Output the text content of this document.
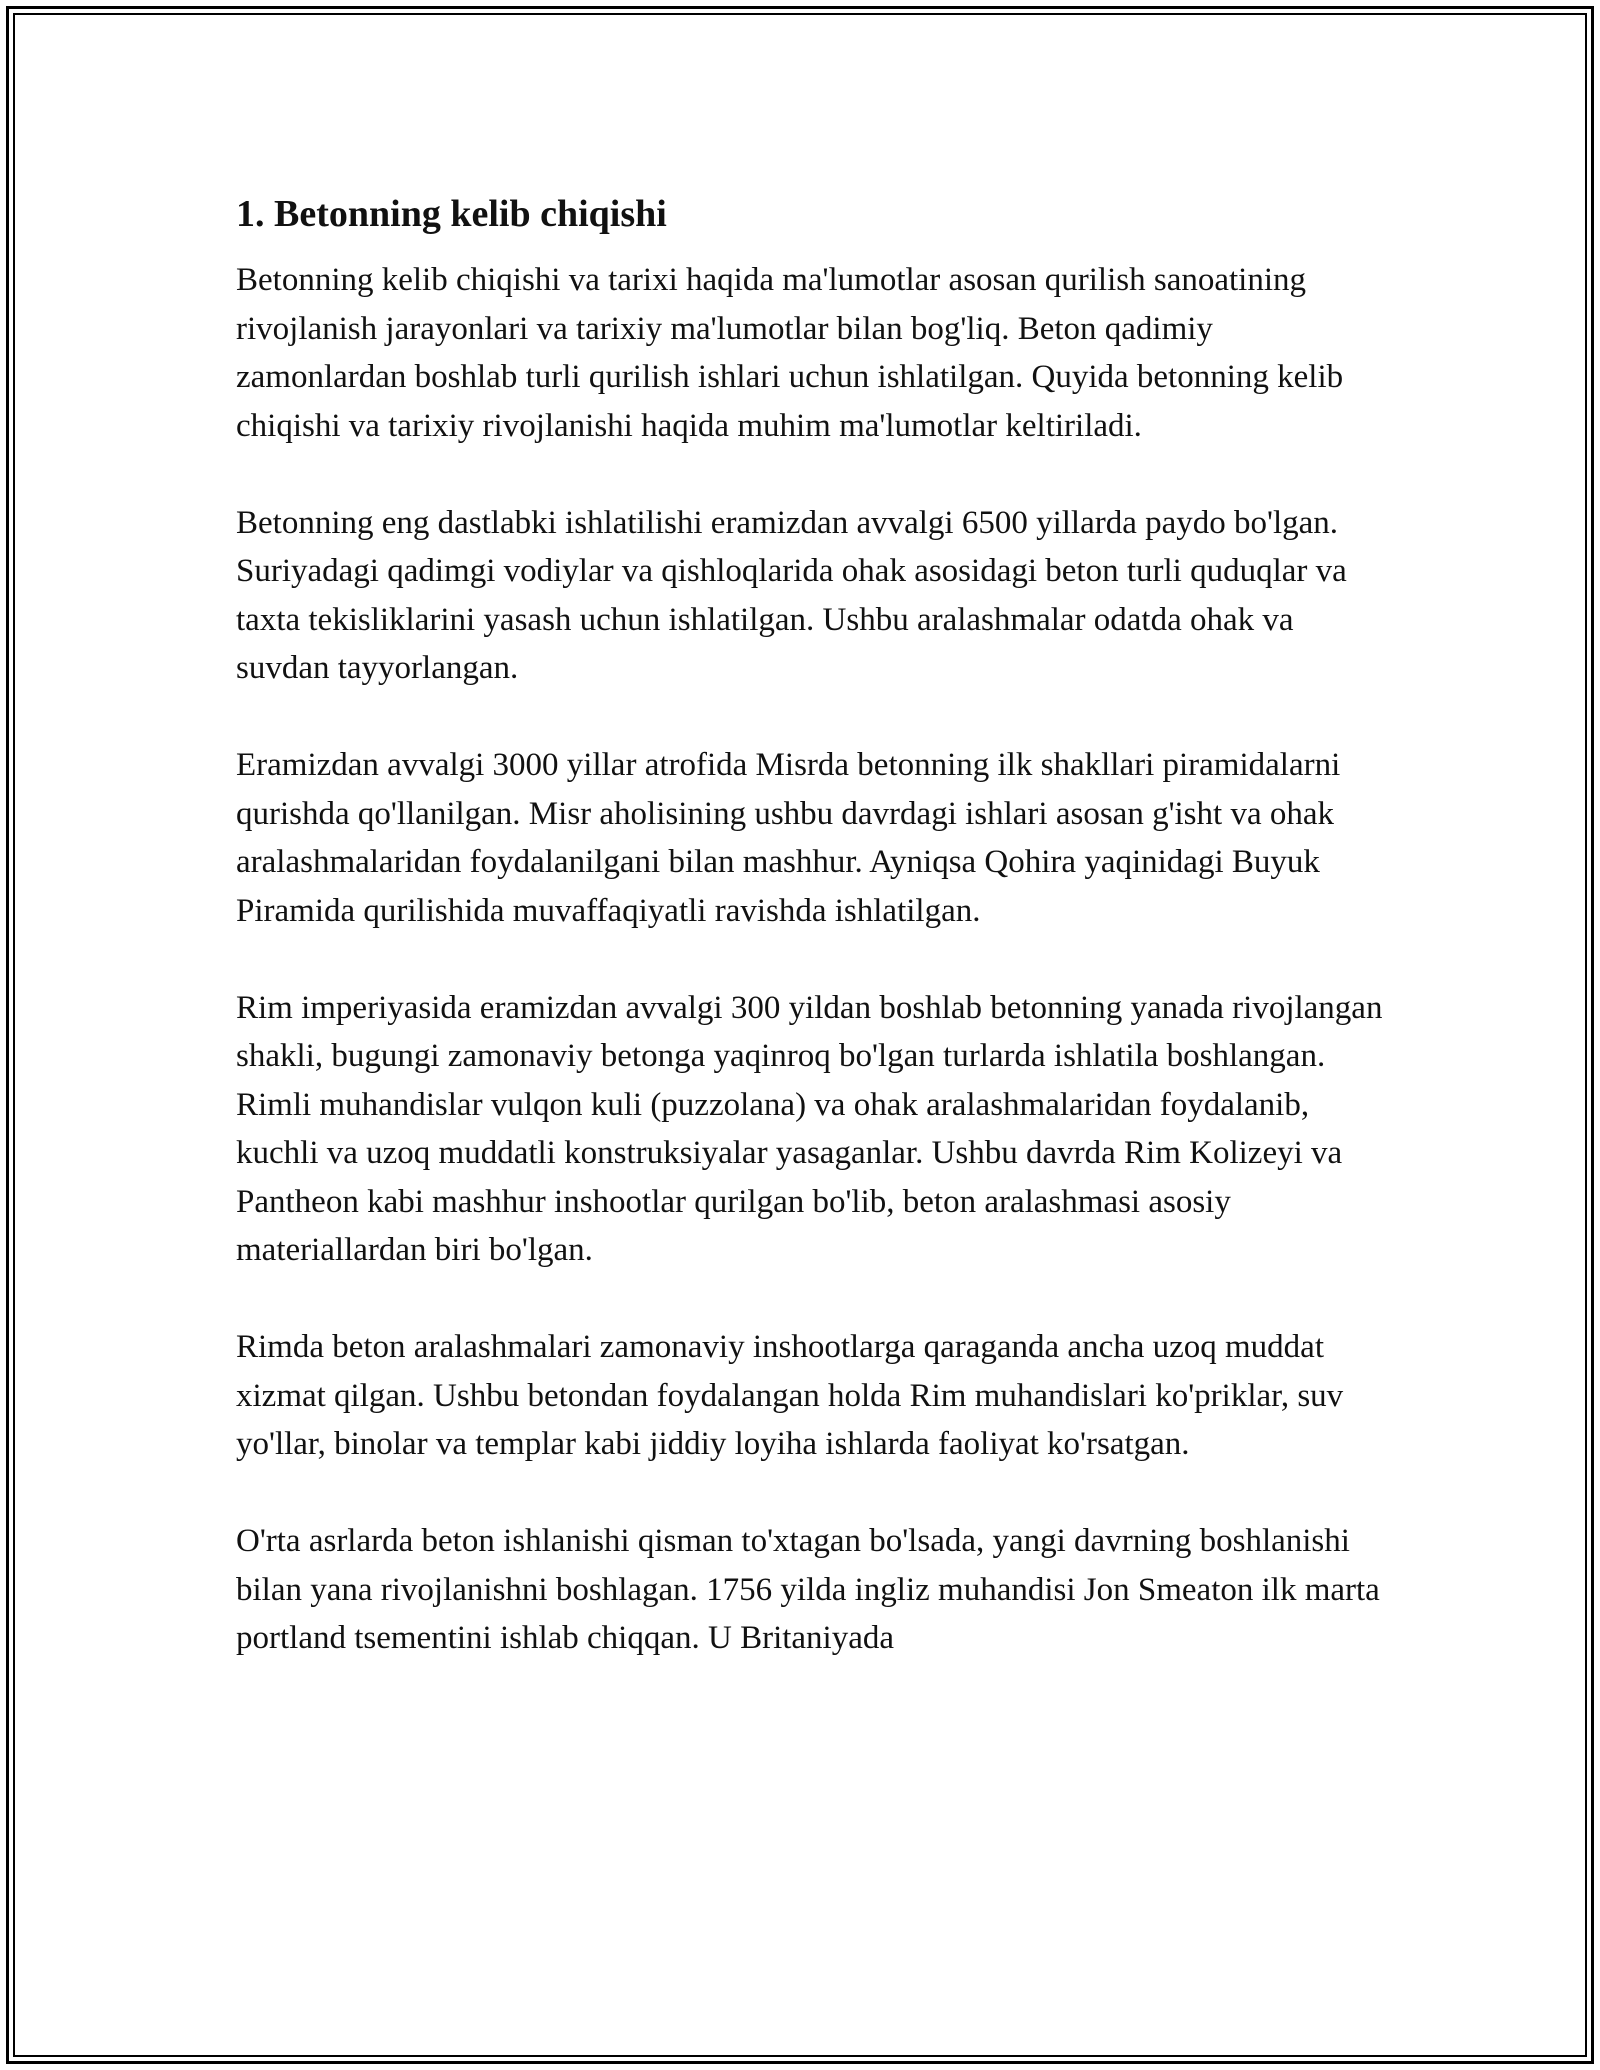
1. Betonning kelib chiqishi

Betonning kelib chiqishi va tarixi haqida ma'lumotlar asosan qurilish sanoatining rivojlanish jarayonlari va tarixiy ma'lumotlar bilan bog'liq. Beton qadimiy zamonlardan boshlab turli qurilish ishlari uchun ishlatilgan. Quyida betonning kelib chiqishi va tarixiy rivojlanishi haqida muhim ma'lumotlar keltiriladi.

Betonning eng dastlabki ishlatilishi eramizdan avvalgi 6500 yillarda paydo bo'lgan. Suriyadagi qadimgi vodiylar va qishloqlarida ohak asosidagi beton turli quduqlar va taxta tekisliklarini yasash uchun ishlatilgan. Ushbu aralashmalar odatda ohak va suvdan tayyorlangan.

Eramizdan avvalgi 3000 yillar atrofida Misrda betonning ilk shakllari piramidalarni qurishda qo'llanilgan. Misr aholisining ushbu davrdagi ishlari asosan g'isht va ohak aralashmalaridan foydalanilgani bilan mashhur. Ayniqsa Qohira yaqinidagi Buyuk Piramida qurilishida muvaffaqiyatli ravishda ishlatilgan.

Rim imperiyasida eramizdan avvalgi 300 yildan boshlab betonning yanada rivojlangan shakli, bugungi zamonaviy betonga yaqinroq bo'lgan turlarda ishlatila boshlangan. Rimli muhandislar vulqon kuli (puzzolana) va ohak aralashmalaridan foydalanib, kuchli va uzoq muddatli konstruksiyalar yasaganlar. Ushbu davrda Rim Kolizeyi va Pantheon kabi mashhur inshootlar qurilgan bo'lib, beton aralashmasi asosiy materiallardan biri bo'lgan.

Rimda beton aralashmalari zamonaviy inshootlarga qaraganda ancha uzoq muddat xizmat qilgan. Ushbu betondan foydalangan holda Rim muhandislari ko'priklar, suv yo'llar, binolar va templar kabi jiddiy loyiha ishlarda faoliyat ko'rsatgan.

O'rta asrlarda beton ishlanishi qisman to'xtagan bo'lsada, yangi davrning boshlanishi bilan yana rivojlanishni boshlagan. 1756 yilda ingliz muhandisi Jon Smeaton ilk marta portland tsementini ishlab chiqqan. U Britaniyada
